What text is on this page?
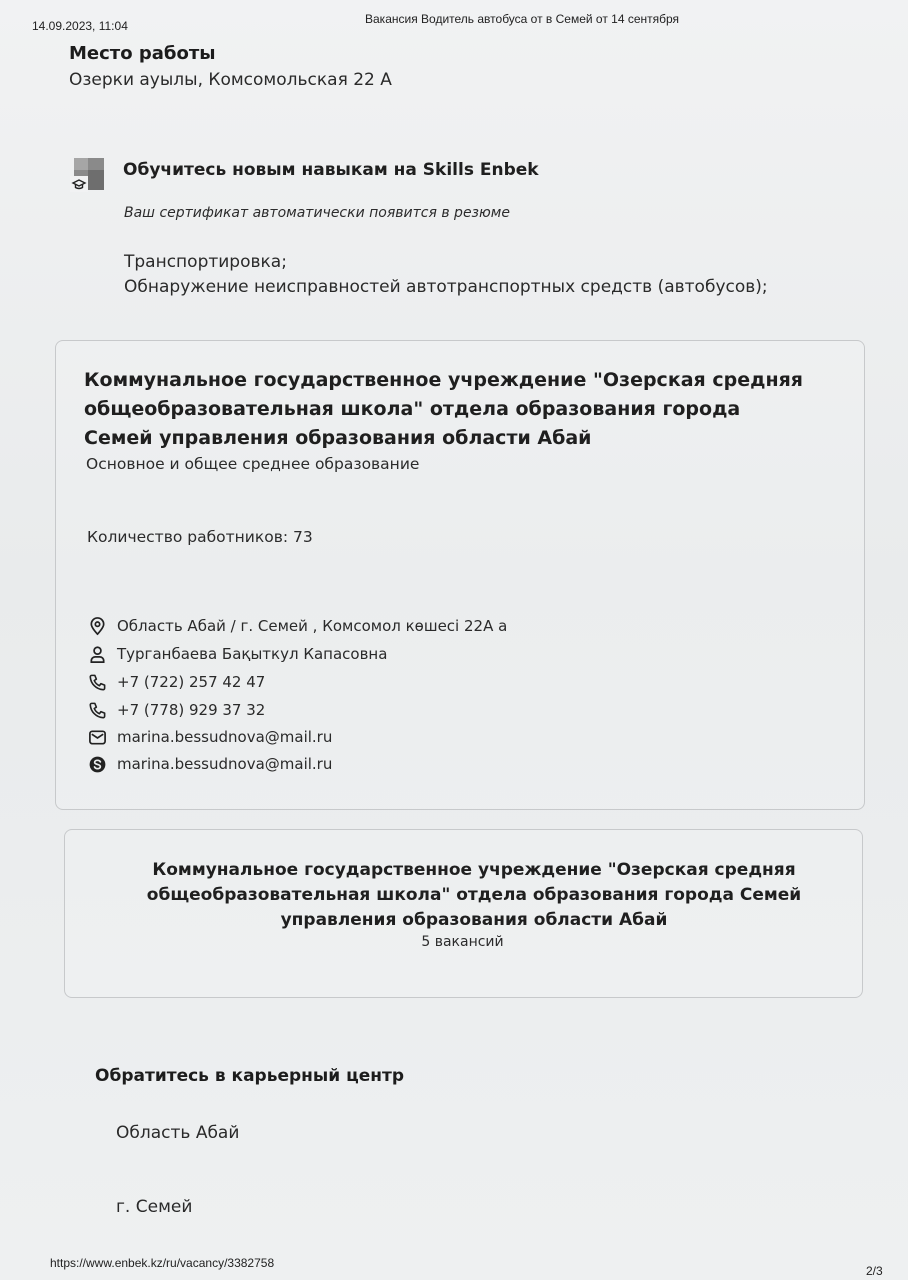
14.09.2023, 11:04	Вакансия Водитель автобуса от в Семей от 14 сентября
Место работы
Озерки ауылы, Комсомольская 22 А
Обучитесь новым навыкам на Skills Enbek
Ваш сертификат автоматически появится в резюме
Транспортировка;
Обнаружение неисправностей автотранспортных средств (автобусов);
Коммунальное государственное учреждение "Озерская средняя общеобразовательная школа" отдела образования города Семей управления образования области Абай
Основное и общее среднее образование
Количество работников: 73
Область Абай / г. Семей , Комсомол көшесі 22А а
Турганбаева Бақыткул Капасовна
+7 (722) 257 42 47
+7 (778) 929 37 32
marina.bessudnova@mail.ru
marina.bessudnova@mail.ru
Коммунальное государственное учреждение "Озерская средняя общеобразовательная школа" отдела образования города Семей управления образования области Абай
5 вакансий
Обратитесь в карьерный центр
Область Абай
г. Семей
https://www.enbek.kz/ru/vacancy/3382758
2/3
